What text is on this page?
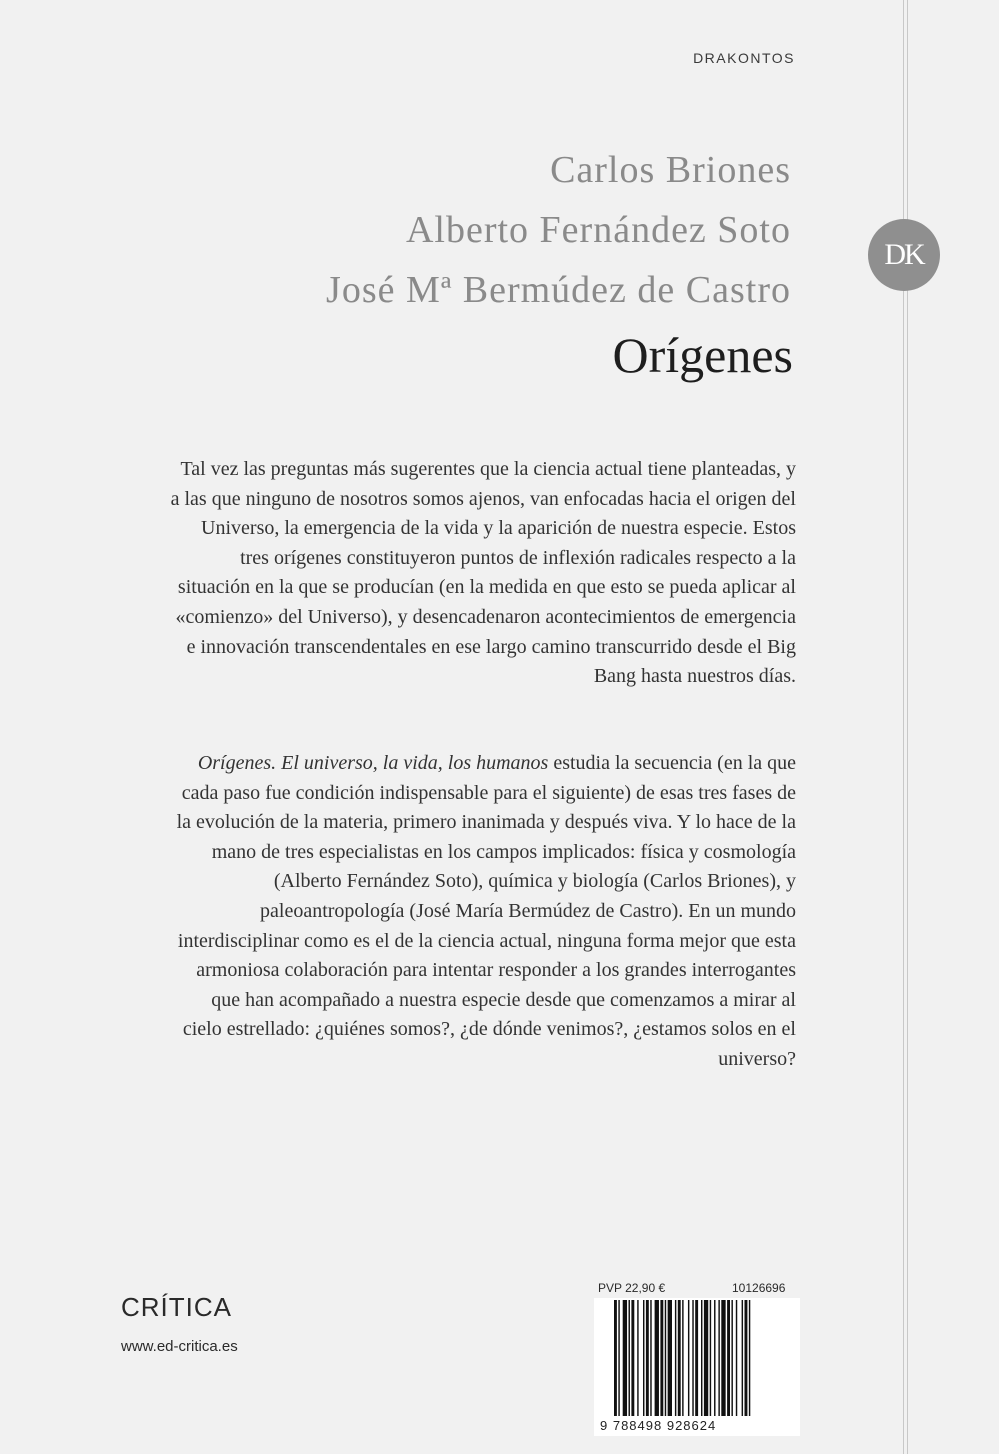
DRAKONTOS
Carlos Briones
Alberto Fernández Soto
José Mª Bermúdez de Castro
Orígenes
DK

Tal vez las preguntas más sugerentes que la ciencia actual tiene planteadas, y a las que ninguno de nosotros somos ajenos, van enfocadas hacia el origen del Universo, la emergencia de la vida y la aparición de nuestra especie. Estos tres orígenes constituyeron puntos de inflexión radicales respecto a la situación en la que se producían (en la medida en que esto se pueda aplicar al «comienzo» del Universo), y desencadenaron acontecimientos de emergencia e innovación transcendentales en ese largo camino transcurrido desde el Big Bang hasta nuestros días.

Orígenes. El universo, la vida, los humanos estudia la secuencia (en la que cada paso fue condición indispensable para el siguiente) de esas tres fases de la evolución de la materia, primero inanimada y después viva. Y lo hace de la mano de tres especialistas en los campos implicados: física y cosmología (Alberto Fernández Soto), química y biología (Carlos Briones), y paleoantropología (José María Bermúdez de Castro). En un mundo interdisciplinar como es el de la ciencia actual, ninguna forma mejor que esta armoniosa colaboración para intentar responder a los grandes interrogantes que han acompañado a nuestra especie desde que comenzamos a mirar al cielo estrellado: ¿quiénes somos?, ¿de dónde venimos?, ¿estamos solos en el universo?

CRÍTICA
www.ed-critica.es
PVP 22,90 €	10126696
9 788498 928624
